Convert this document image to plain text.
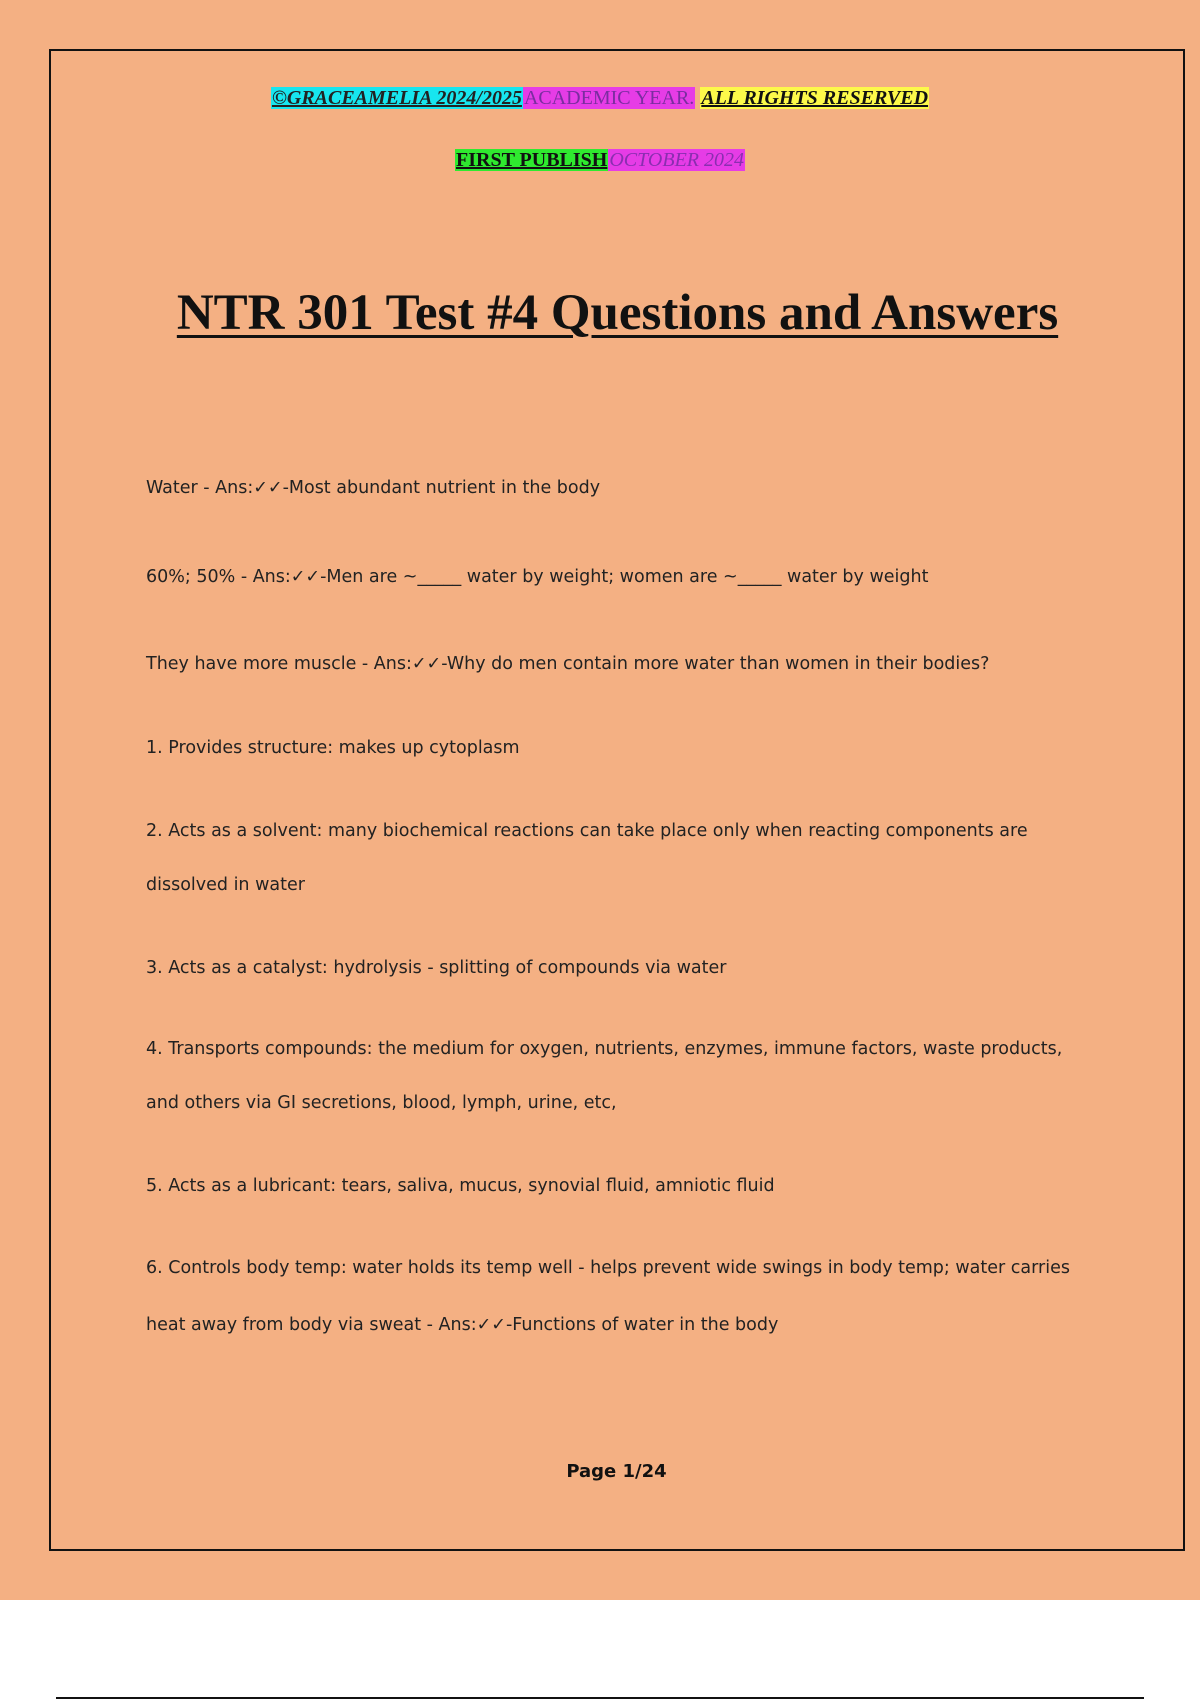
©GRACEAMELIA 2024/2025 ACADEMIC YEAR. ALL RIGHTS RESERVED
FIRST PUBLISH OCTOBER 2024
NTR 301 Test #4 Questions and Answers
Water - Ans:✓✓-Most abundant nutrient in the body
60%; 50% - Ans:✓✓-Men are ~_____ water by weight; women are ~_____ water by weight
They have more muscle - Ans:✓✓-Why do men contain more water than women in their bodies?
1. Provides structure: makes up cytoplasm
2. Acts as a solvent: many biochemical reactions can take place only when reacting components are
dissolved in water
3. Acts as a catalyst: hydrolysis - splitting of compounds via water
4. Transports compounds: the medium for oxygen, nutrients, enzymes, immune factors, waste products,
and others via GI secretions, blood, lymph, urine, etc,
5. Acts as a lubricant: tears, saliva, mucus, synovial fluid, amniotic fluid
6. Controls body temp: water holds its temp well - helps prevent wide swings in body temp; water carries
heat away from body via sweat - Ans:✓✓-Functions of water in the body
Page 1/24
